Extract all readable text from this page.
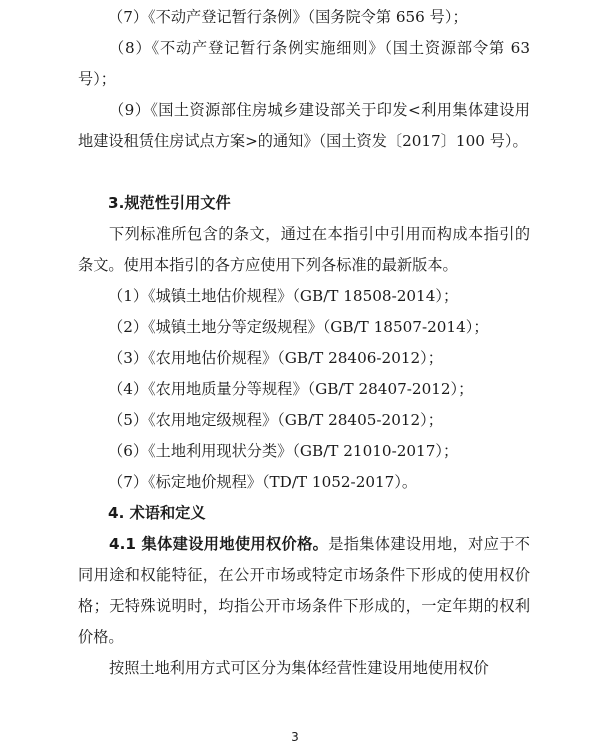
（7）《不动产登记暂行条例》（国务院令第 656 号）；

（8）《不动产登记暂行条例实施细则》（国土资源部令第 63 号）；

（9）《国土资源部住房城乡建设部关于印发<利用集体建设用地建设租赁住房试点方案>的通知》（国土资发〔2017〕100 号）。

3.规范性引用文件

下列标准所包含的条文，通过在本指引中引用而构成本指引的条文。使用本指引的各方应使用下列各标准的最新版本。

（1）《城镇土地估价规程》（GB/T 18508-2014）；

（2）《城镇土地分等定级规程》（GB/T 18507-2014）；

（3）《农用地估价规程》（GB/T 28406-2012）；

（4）《农用地质量分等规程》（GB/T 28407-2012）；

（5）《农用地定级规程》（GB/T 28405-2012）；

（6）《土地利用现状分类》（GB/T 21010-2017）；

（7）《标定地价规程》（TD/T 1052-2017）。

4. 术语和定义

4.1 集体建设用地使用权价格。是指集体建设用地，对应于不同用途和权能特征，在公开市场或特定市场条件下形成的使用权价格；无特殊说明时，均指公开市场条件下形成的，一定年期的权利价格。

按照土地利用方式可区分为集体经营性建设用地使用权价

3
